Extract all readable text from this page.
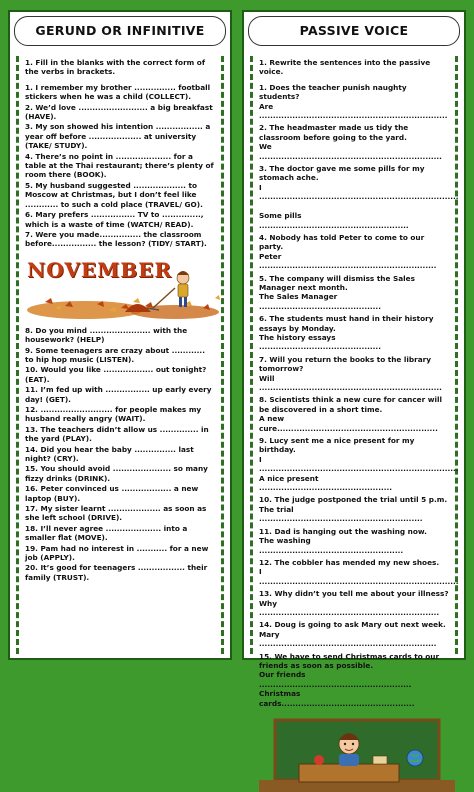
GERUND OR INFINITIVE
1. Fill in the blanks with the correct form of the verbs in brackets.
1. I remember my brother ............... football stickers when he was a child (COLLECT).
2. We’d love ......................... a big breakfast (HAVE).
3. My son showed his intention ................. a year off before ................... at university (TAKE/ STUDY).
4. There’s no point in .................... for a table at the Thai restaurant; there’s plenty of room there (BOOK).
5. My husband suggested ................... to Moscow at Christmas, but I don’t feel like ............ to such a cold place (TRAVEL/ GO).
6. Mary prefers ................ TV to .............., which is a waste of time (WATCH/ READ).
7. Were you made............... the classroom before................ the lesson? (TIDY/ START).
NOVEMBER
8. Do you mind ...................... with the housework? (HELP)
9. Some teenagers are crazy about ............ to hip hop music (LISTEN).
10. Would you like .................. out tonight? (EAT).
11. I’m fed up with ................ up early every day! (GET).
12. .......................... for people makes my husband really angry (WAIT).
13. The teachers didn’t allow us .............. in the yard (PLAY).
14. Did you hear the baby ............... last night? (CRY).
15. You should avoid ..................... so many fizzy drinks (DRINK).
16. Peter convinced us .................. a new laptop (BUY).
17. My sister learnt ................... as soon as she left school (DRIVE).
18. I’ll never agree .................... into a smaller flat (MOVE).
19. Pam had no interest in ........... for a new job (APPLY).
20. It’s good for teenagers ................. their family (TRUST).
PASSIVE VOICE
1. Rewrite the sentences into the passive voice.
1. Does the teacher punish naughty students?
Are ....................................................................
2. The headmaster made us tidy the classroom before going to the yard.
We ..................................................................
3. The doctor gave me some pills for my stomach ache.
I ........................................................................

Some pills ......................................................
4. Nobody has told Peter to come to our party.
Peter ................................................................
5. The company will dismiss the Sales Manager next month.
The Sales Manager ............................................
6. The students must hand in their history essays by Monday.
The history essays ............................................
7. Will you return the books to the library tomorrow?
Will ..................................................................
8. Scientists think a new cure for cancer will be discovered in a short time.
A new cure..........................................................
9. Lucy sent me a nice present for my birthday.
I ........................................................................
A nice present ................................................
10. The judge postponed the trial until 5 p.m.
The trial ...........................................................
11. Dad is hanging out the washing now.
The washing ....................................................
12. The cobbler has mended my new shoes.
I ........................................................................
13. Why didn’t you tell me about your illness?
Why .................................................................
14. Doug is going to ask Mary out next week.
Mary ................................................................
15. We have to send Christmas cards to our friends as soon as possible.
Our friends .......................................................
Christmas cards................................................
